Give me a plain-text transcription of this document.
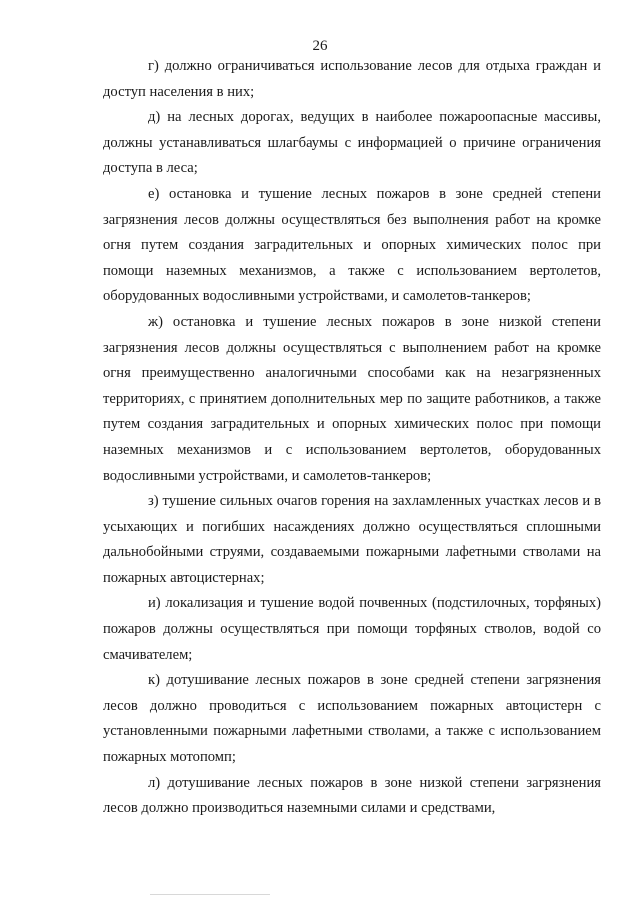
26

г) должно ограничиваться использование лесов для отдыха граждан и доступ населения в них;

д) на лесных дорогах, ведущих в наиболее пожароопасные массивы, должны устанавливаться шлагбаумы с информацией о причине ограничения доступа в леса;

е) остановка и тушение лесных пожаров в зоне средней степени загрязнения лесов должны осуществляться без выполнения работ на кромке огня путем создания заградительных и опорных химических полос при помощи наземных механизмов, а также с использованием вертолетов, оборудованных водосливными устройствами, и самолетов-танкеров;

ж) остановка и тушение лесных пожаров в зоне низкой степени загрязнения лесов должны осуществляться с выполнением работ на кромке огня преимущественно аналогичными способами как на незагрязненных территориях, с принятием дополнительных мер по защите работников, а также путем создания заградительных и опорных химических полос при помощи наземных механизмов и с использованием вертолетов, оборудованных водосливными устройствами, и самолетов-танкеров;

з) тушение сильных очагов горения на захламленных участках лесов и в усыхающих и погибших насаждениях должно осуществляться сплошными дальнобойными струями, создаваемыми пожарными лафетными стволами на пожарных автоцистернах;

и) локализация и тушение водой почвенных (подстилочных, торфяных) пожаров должны осуществляться при помощи торфяных стволов, водой со смачивателем;

к) дотушивание лесных пожаров в зоне средней степени загрязнения лесов должно проводиться с использованием пожарных автоцистерн с установленными пожарными лафетными стволами, а также с использованием пожарных мотопомп;

л) дотушивание лесных пожаров в зоне низкой степени загрязнения лесов должно производиться наземными силами и средствами,
